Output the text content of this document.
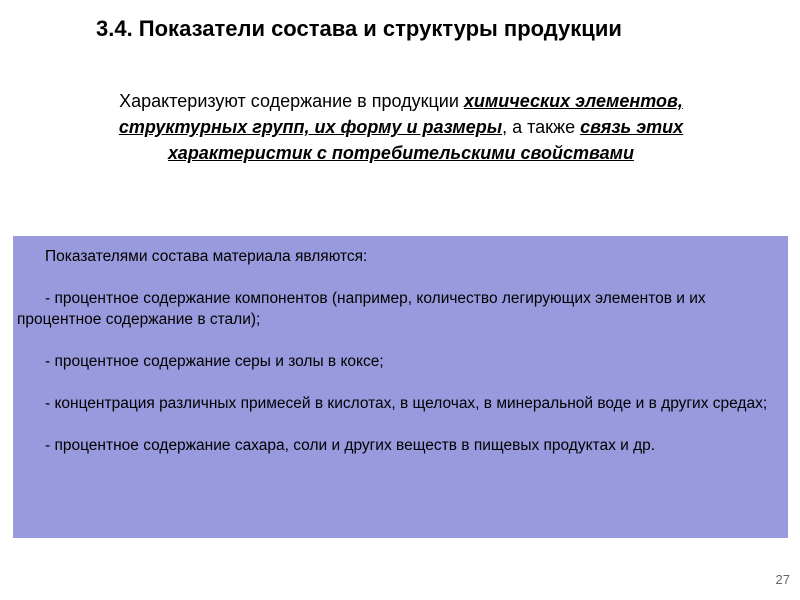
3.4. Показатели состава и структуры продукции
Характеризуют содержание в продукции химических элементов, структурных групп, их форму и размеры, а также связь этих характеристик с потребительскими свойствами

Показателями состава материала являются:

- процентное содержание компонентов (например, количество легирующих элементов и их процентное содержание в стали);

- процентное содержание серы и золы в коксе;

- концентрация различных примесей в кислотах, в щелочах, в минеральной воде и в других средах;

- процентное содержание сахара, соли и других веществ в пищевых продуктах и др.

27
